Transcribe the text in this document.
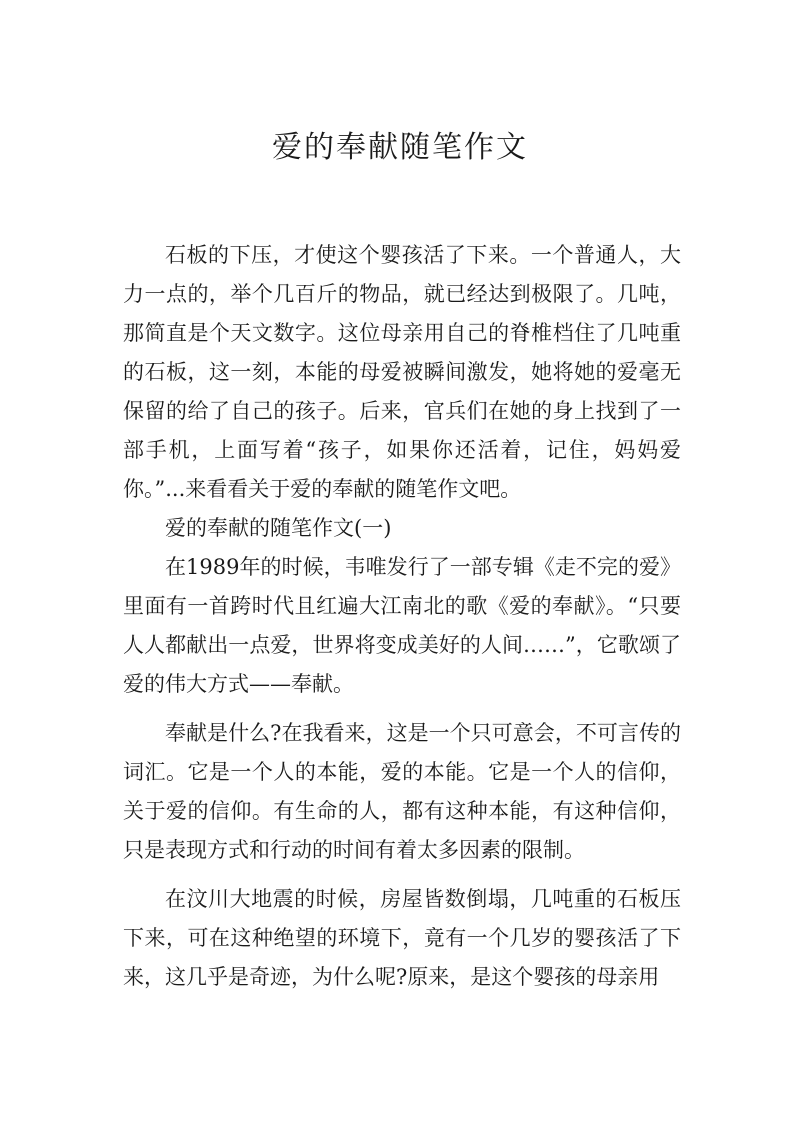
爱的奉献随笔作文

石板的下压，才使这个婴孩活了下来。一个普通人，大力一点的，举个几百斤的物品，就已经达到极限了。几吨，那简直是个天文数字。这位母亲用自己的脊椎档住了几吨重的石板，这一刻，本能的母爱被瞬间激发，她将她的爱毫无保留的给了自己的孩子。后来，官兵们在她的身上找到了一部手机，上面写着“孩子，如果你还活着，记住，妈妈爱你。”...来看看关于爱的奉献的随笔作文吧。

爱的奉献的随笔作文(一)

在1989年的时候，韦唯发行了一部专辑《走不完的爱》里面有一首跨时代且红遍大江南北的歌《爱的奉献》。“只要人人都献出一点爱，世界将变成美好的人间……”，它歌颂了爱的伟大方式——奉献。

奉献是什么?在我看来，这是一个只可意会，不可言传的词汇。它是一个人的本能，爱的本能。它是一个人的信仰，关于爱的信仰。有生命的人，都有这种本能，有这种信仰，只是表现方式和行动的时间有着太多因素的限制。

在汶川大地震的时候，房屋皆数倒塌，几吨重的石板压下来，可在这种绝望的环境下，竟有一个几岁的婴孩活了下来，这几乎是奇迹，为什么呢?原来，是这个婴孩的母亲用
